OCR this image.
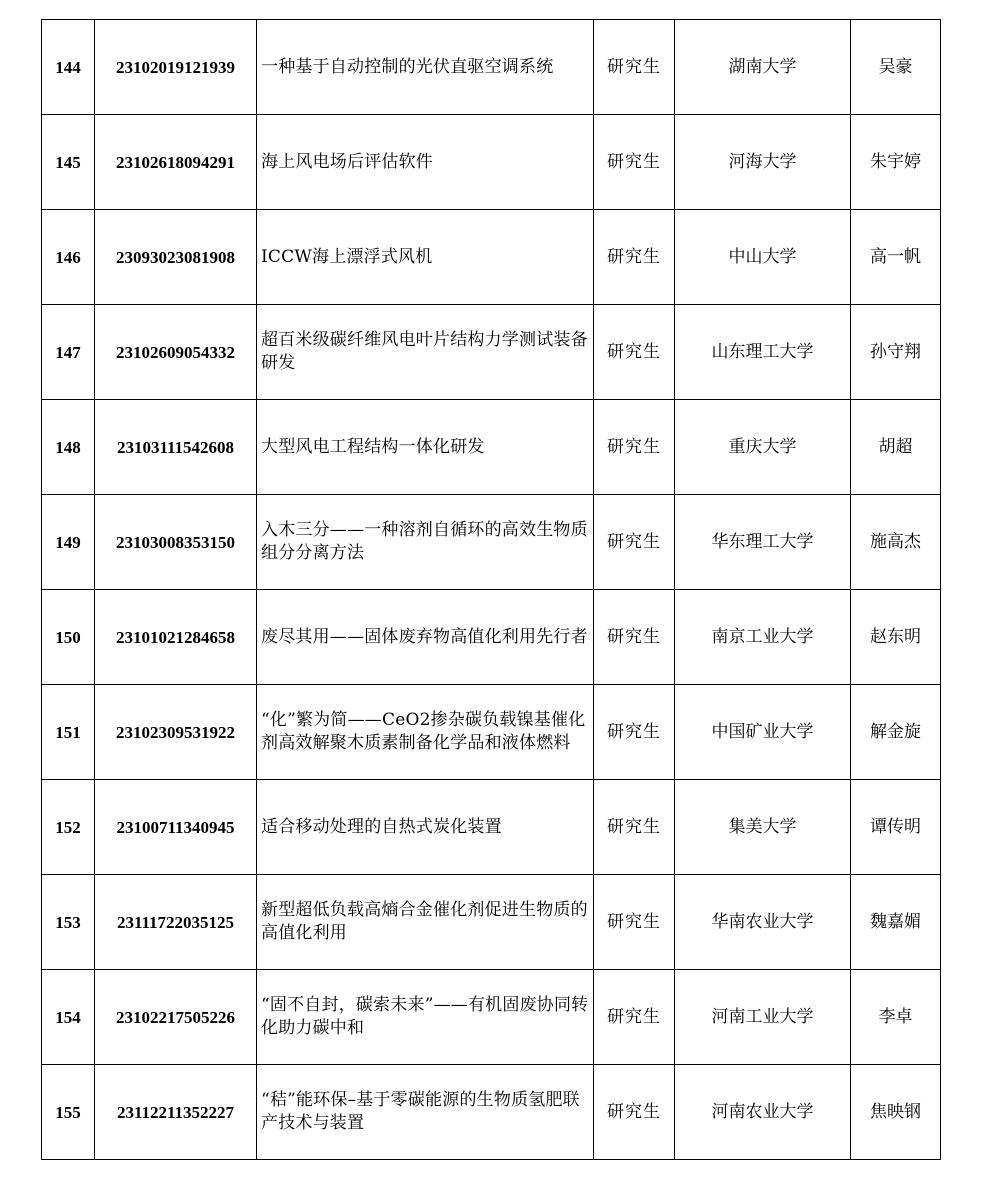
144	23102019121939	一种基于自动控制的光伏直驱空调系统	研究生	湖南大学	吴豪
145	23102618094291	海上风电场后评估软件	研究生	河海大学	朱宇婷
146	23093023081908	ICCW海上漂浮式风机	研究生	中山大学	高一帆
147	23102609054332	超百米级碳纤维风电叶片结构力学测试装备研发	研究生	山东理工大学	孙守翔
148	23103111542608	大型风电工程结构一体化研发	研究生	重庆大学	胡超
149	23103008353150	入木三分——一种溶剂自循环的高效生物质组分分离方法	研究生	华东理工大学	施高杰
150	23101021284658	废尽其用——固体废弃物高值化利用先行者	研究生	南京工业大学	赵东明
151	23102309531922	“化”繁为简——CeO2掺杂碳负载镍基催化剂高效解聚木质素制备化学品和液体燃料	研究生	中国矿业大学	解金旋
152	23100711340945	适合移动处理的自热式炭化装置	研究生	集美大学	谭传明
153	23111722035125	新型超低负载高熵合金催化剂促进生物质的高值化利用	研究生	华南农业大学	魏嘉媚
154	23102217505226	“固不自封，碳索未来”——有机固废协同转化助力碳中和	研究生	河南工业大学	李卓
155	23112211352227	“秸”能环保–基于零碳能源的生物质氢肥联产技术与装置	研究生	河南农业大学	焦映钢
